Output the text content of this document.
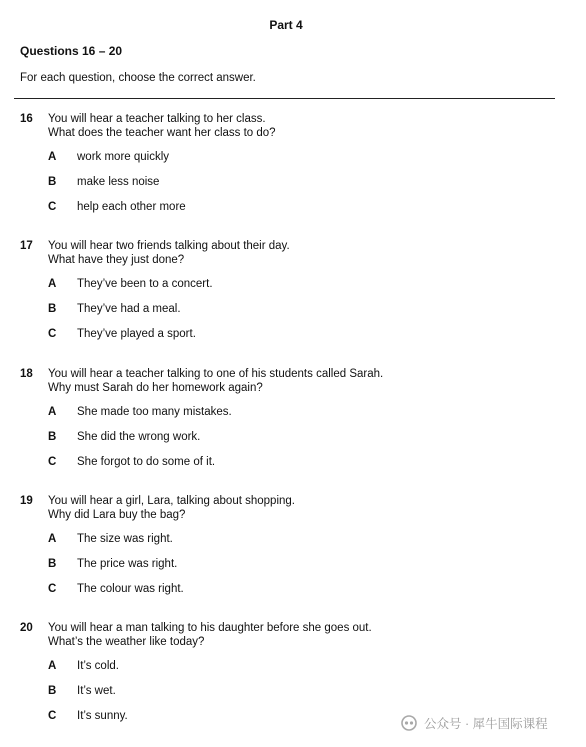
Part 4
Questions 16 – 20
For each question, choose the correct answer.
16 You will hear a teacher talking to her class.
What does the teacher want her class to do?
A work more quickly
B make less noise
C help each other more
17 You will hear two friends talking about their day.
What have they just done?
A They’ve been to a concert.
B They’ve had a meal.
C They’ve played a sport.
18 You will hear a teacher talking to one of his students called Sarah.
Why must Sarah do her homework again?
A She made too many mistakes.
B She did the wrong work.
C She forgot to do some of it.
19 You will hear a girl, Lara, talking about shopping.
Why did Lara buy the bag?
A The size was right.
B The price was right.
C The colour was right.
20 You will hear a man talking to his daughter before she goes out.
What’s the weather like today?
A It’s cold.
B It’s wet.
C It’s sunny.
公众号 · 犀牛国际课程
